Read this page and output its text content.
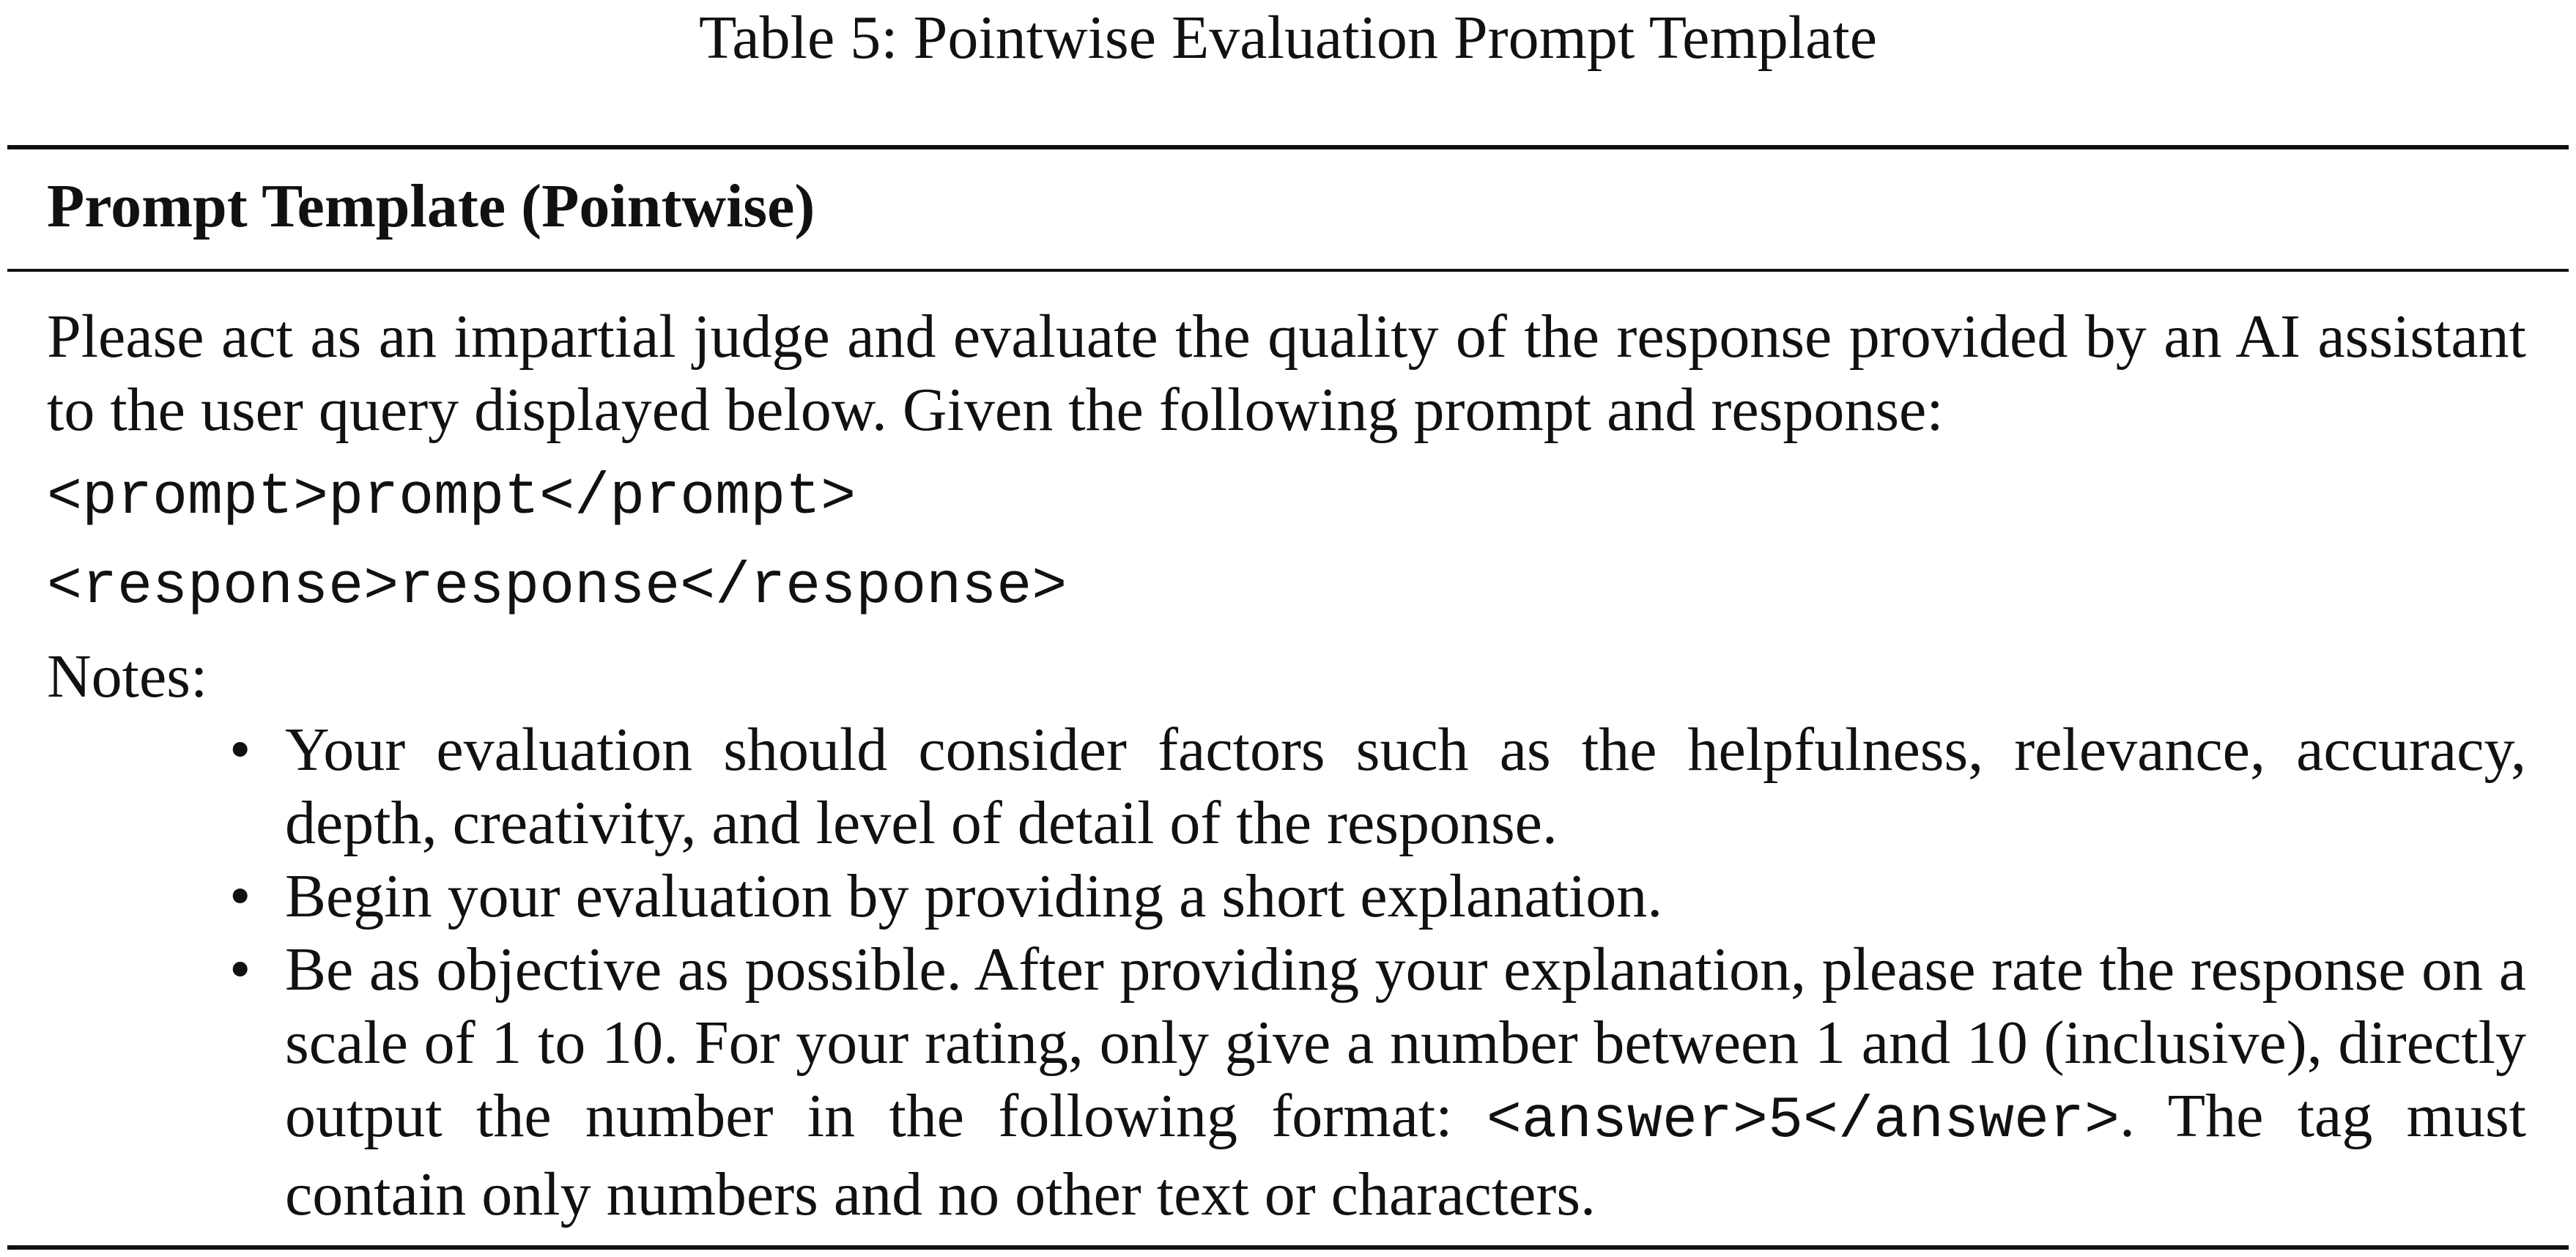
Table 5: Pointwise Evaluation Prompt Template
Prompt Template (Pointwise)

Please act as an impartial judge and evaluate the quality of the response provided by an AI assistant to the user query displayed below. Given the following prompt and response:

<prompt>prompt</prompt>

<response>response</response>

Notes:

• Your evaluation should consider factors such as the helpfulness, relevance, accuracy, depth, creativity, and level of detail of the response.
• Begin your evaluation by providing a short explanation.
• Be as objective as possible. After providing your explanation, please rate the response on a scale of 1 to 10. For your rating, only give a number between 1 and 10 (inclusive), directly output the number in the following format: <answer>5</answer>. The tag must contain only numbers and no other text or characters.
